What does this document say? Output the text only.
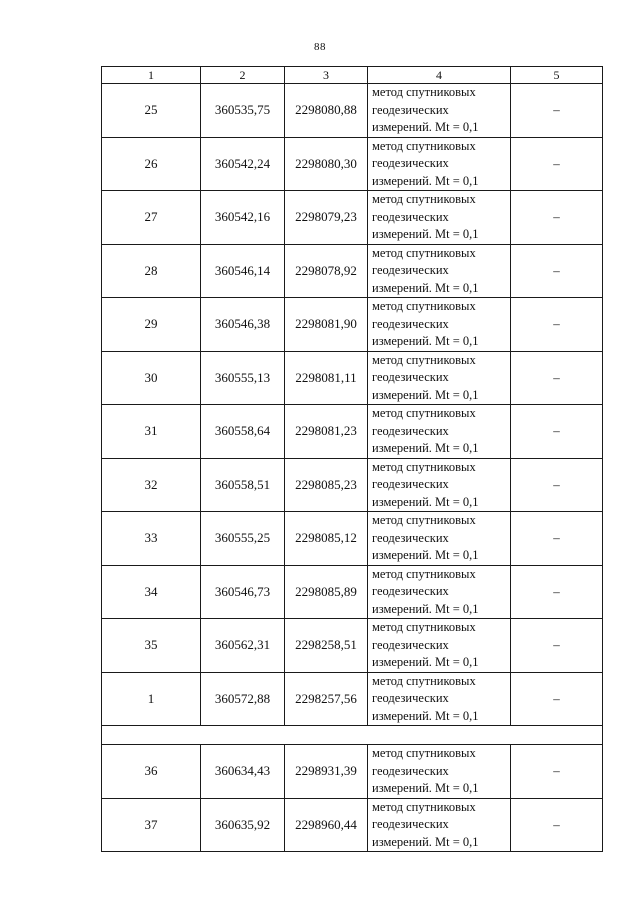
88
1	2	3	4	5
25	360535,75	2298080,88	метод спутниковых
геодезических
измерений. Mt = 0,1	–
26	360542,24	2298080,30	метод спутниковых
геодезических
измерений. Mt = 0,1	–
27	360542,16	2298079,23	метод спутниковых
геодезических
измерений. Mt = 0,1	–
28	360546,14	2298078,92	метод спутниковых
геодезических
измерений. Mt = 0,1	–
29	360546,38	2298081,90	метод спутниковых
геодезических
измерений. Mt = 0,1	–
30	360555,13	2298081,11	метод спутниковых
геодезических
измерений. Mt = 0,1	–
31	360558,64	2298081,23	метод спутниковых
геодезических
измерений. Mt = 0,1	–
32	360558,51	2298085,23	метод спутниковых
геодезических
измерений. Mt = 0,1	–
33	360555,25	2298085,12	метод спутниковых
геодезических
измерений. Mt = 0,1	–
34	360546,73	2298085,89	метод спутниковых
геодезических
измерений. Mt = 0,1	–
35	360562,31	2298258,51	метод спутниковых
геодезических
измерений. Mt = 0,1	–
1	360572,88	2298257,56	метод спутниковых
геодезических
измерений. Mt = 0,1	–

36	360634,43	2298931,39	метод спутниковых
геодезических
измерений. Mt = 0,1	–
37	360635,92	2298960,44	метод спутниковых
геодезических
измерений. Mt = 0,1	–
